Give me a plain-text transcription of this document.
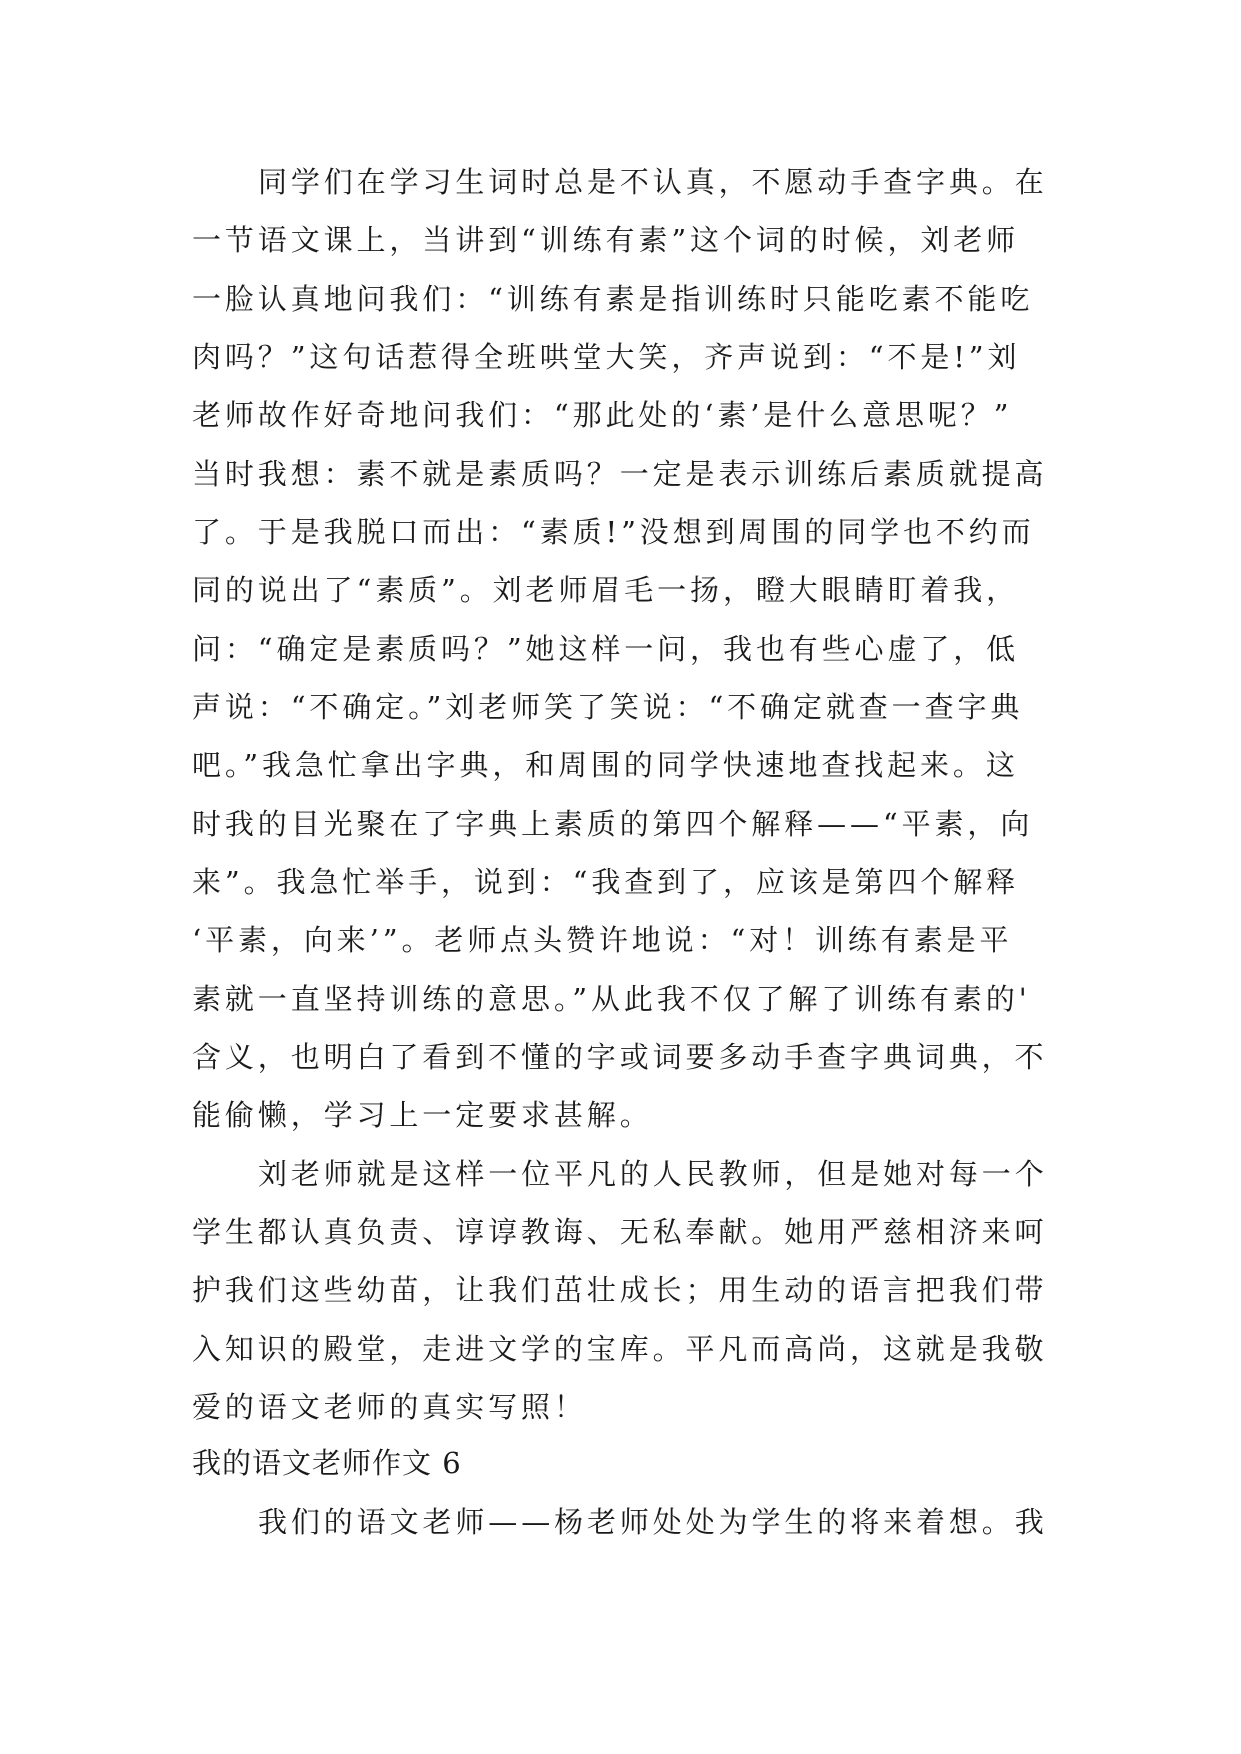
同学们在学习生词时总是不认真，不愿动手查字典。在
一节语文课上，当讲到“训练有素”这个词的时候，刘老师
一脸认真地问我们：“训练有素是指训练时只能吃素不能吃
肉吗？”这句话惹得全班哄堂大笑，齐声说到：“不是!”刘
老师故作好奇地问我们：“那此处的‘素’是什么意思呢？”
当时我想：素不就是素质吗？一定是表示训练后素质就提高
了。于是我脱口而出：“素质!”没想到周围的同学也不约而
同的说出了“素质”。刘老师眉毛一扬，瞪大眼睛盯着我，
问：“确定是素质吗？”她这样一问，我也有些心虚了，低
声说：“不确定。”刘老师笑了笑说：“不确定就查一查字典
吧。”我急忙拿出字典，和周围的同学快速地查找起来。这
时我的目光聚在了字典上素质的第四个解释——“平素，向
来”。我急忙举手，说到：“我查到了，应该是第四个解释
‘平素，向来’”。老师点头赞许地说：“对！训练有素是平
素就一直坚持训练的意思。”从此我不仅了解了训练有素的'
含义，也明白了看到不懂的字或词要多动手查字典词典，不
能偷懒，学习上一定要求甚解。
刘老师就是这样一位平凡的人民教师，但是她对每一个
学生都认真负责、谆谆教诲、无私奉献。她用严慈相济来呵
护我们这些幼苗，让我们茁壮成长；用生动的语言把我们带
入知识的殿堂，走进文学的宝库。平凡而高尚，这就是我敬
爱的语文老师的真实写照！
我的语文老师作文 6
我们的语文老师——杨老师处处为学生的将来着想。我
